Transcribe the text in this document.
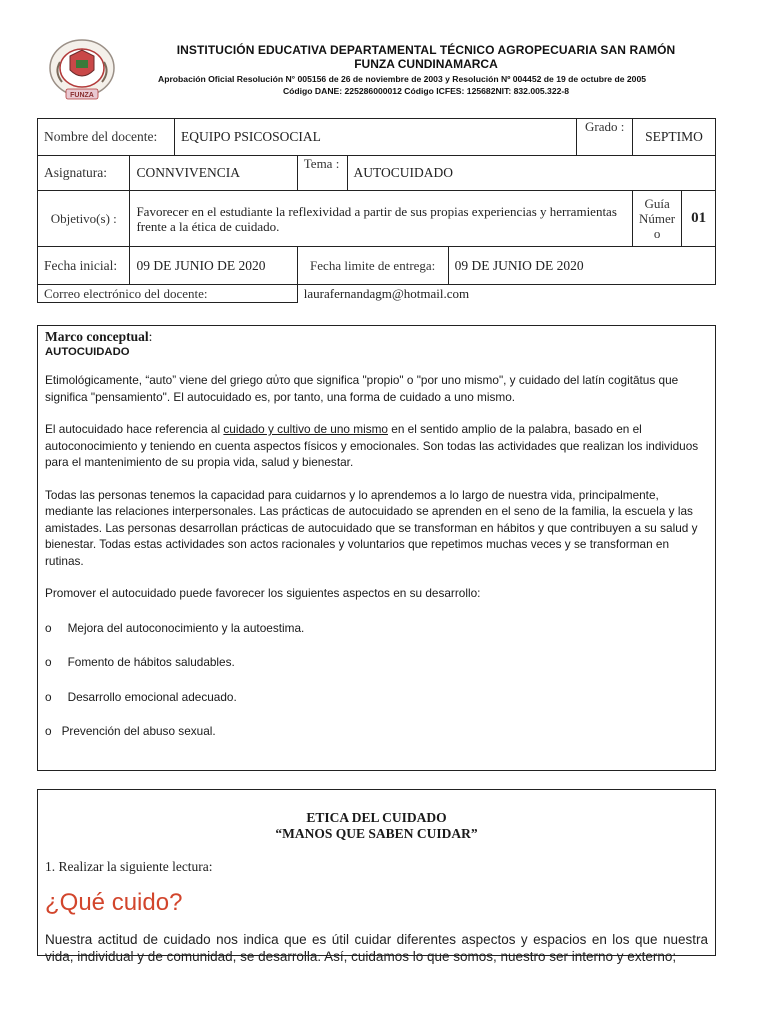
FUNZA
INSTITUCIÓN EDUCATIVA DEPARTAMENTAL TÉCNICO AGROPECUARIA SAN RAMÓN
FUNZA CUNDINAMARCA
Aprobación Oficial Resolución N° 005156 de 26 de noviembre de 2003 y Resolución Nº 004452 de 19 de octubre de 2005
Código DANE: 225286000012 Código ICFES: 125682NIT: 832.005.322-8
Nombre del docente:		EQUIPO PSICOSOCIAL				Grado :	SEPTIMO	
Asignatura:	CONNVIVENCIA		Tema :	AUTOCUIDADO				
Objetivo(s) :	Favorecer en el estudiante la reflexividad a partir de sus propias experiencias y herramientas frente a la ética de cuidado.						Guía Númer o	01
Fecha inicial:	09 DE JUNIO DE 2020		Fecha limite de entrega:		09 DE JUNIO DE 2020			
Correo electrónico del docente:			laurafernandagm@hotmail.com					
Marco conceptual:
AUTOCUIDADO

Etimológicamente, “auto” viene del griego αὐτο que significa "propio" o "por uno mismo", y cuidado del latín cogitātus que significa "pensamiento". El autocuidado es, por tanto, una forma de cuidado a uno mismo.

El autocuidado hace referencia al cuidado y cultivo de uno mismo en el sentido amplio de la palabra, basado en el autoconocimiento y teniendo en cuenta aspectos físicos y emocionales. Son todas las actividades que realizan los individuos para el mantenimiento de su propia vida, salud y bienestar.

Todas las personas tenemos la capacidad para cuidarnos y lo aprendemos a lo largo de nuestra vida, principalmente, mediante las relaciones interpersonales. Las prácticas de autocuidado se aprenden en el seno de la familia, la escuela y las amistades. Las personas desarrollan prácticas de autocuidado que se transforman en hábitos y que contribuyen a su salud y bienestar. Todas estas actividades son actos racionales y voluntarios que repetimos muchas veces y se transforman en rutinas.

Promover el autocuidado puede favorecer los siguientes aspectos en su desarrollo:

o Mejora del autoconocimiento y la autoestima.

o Fomento de hábitos saludables.

o Desarrollo emocional adecuado.

o Prevención del abuso sexual.

ETICA DEL CUIDADO
“MANOS QUE SABEN CUIDAR”
1. Realizar la siguiente lectura:
¿Qué cuido?
Nuestra actitud de cuidado nos indica que es útil cuidar diferentes aspectos y espacios en los que nuestra vida, individual y de comunidad, se desarrolla. Así, cuidamos lo que somos, nuestro ser interno y externo;
